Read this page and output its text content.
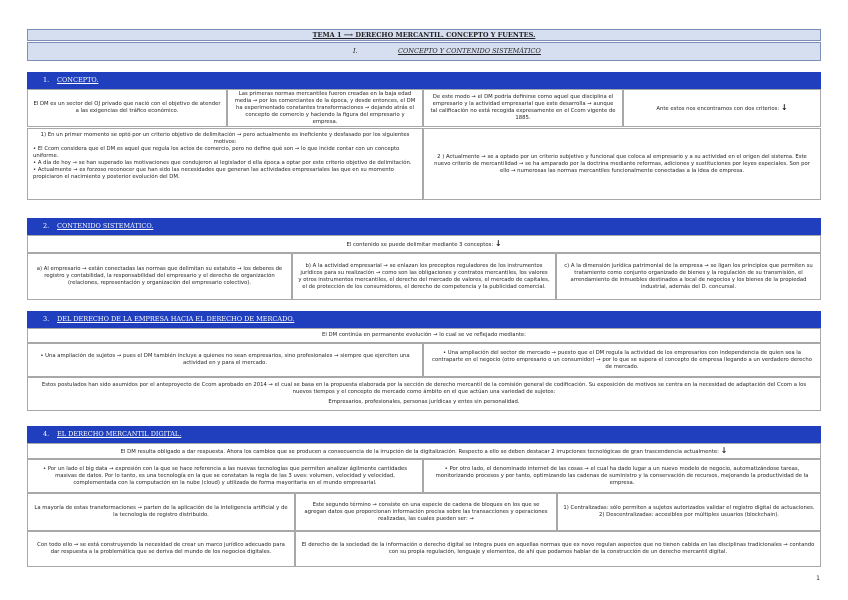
TEMA 1 ⟶ DERECHO MERCANTIL. CONCEPTO Y FUENTES.
I.	CONCEPTO Y CONTENIDO SISTEMÁTICO
1. CONCEPTO.

El DM es un sector del OJ privado que nació con el objetivo de atender a las exigencias del tráfico económico.

Las primeras normas mercantiles fueron creadas en la baja edad media → por los comerciantes de la época, y desde entonces, el DM ha experimentado constantes transformaciones → dejando atrás el concepto de comercio y haciendo la figura del empresario y empresa.

De este modo → el DM podría definirse como aquel que disciplina el empresario y la actividad empresarial que este desarrolla → aunque tal calificación no está recogida expresamente en el Ccom vigente de 1885.

Ante estos nos encontramos con dos criterios: ↓

1) En un primer momento se optó por un criterio objetivo de delimitación → pero actualmente es ineficiente y desfasado por los siguientes motivos:

• El Ccom considera que el DM es aquel que regula los actos de comercio, pero no define qué son → lo que incide contar con un concepto uniforme.

• A día de hoy → se han superado las motivaciones que condujeron al legislador d ella época a optar por este criterio objetivo de delimitación.

• Actualmente → es forzoso reconocer que han sido las necesidades que generan las actividades empresariales las que en su momento propiciaron el nacimiento y posterior evolución del DM.

2 ) Actualmente → se a optado por un criterio subjetivo y funcional que coloca al empresario y a su actividad en el origen del sistema. Este nuevo criterio de mercantilidad → se ha amparado por la doctrina mediante reformas, adiciones y sustituciones por leyes especiales. Son por ello → numerosas las normas mercantiles funcionalmente conectadas a la idea de empresa.

2. CONTENIDO SISTEMÁTICO.

El contenido se puede delimitar mediante 3 conceptos: ↓

a) Al empresario → están conectadas las normas que delimitan su estatuto → los deberes de registro y contabilidad, la responsabilidad del empresario y el derecho de organización (relaciones, representación y organización del empresario colectivo).

b) A la actividad empresarial → se enlazan los preceptos reguladores de los instrumentos jurídicos para su realización → como son las obligaciones y contratos mercantiles, los valores y otros instrumentos mercantiles, el derecho del mercado de valores, el mercado de capitales, el de protección de los consumidores, el derecho de competencia y la publicidad comercial.

c) A la dimensión jurídica patrimonial de la empresa → se ligan los principios que permiten su tratamiento como conjunto organizado de bienes y la regulación de su transmisión, el arrendamiento de inmuebles destinados a local de negocios y los bienes de la propiedad industrial, además del D. concursal.

3. DEL DERECHO DE LA EMPRESA HACIA EL DERECHO DE MERCADO.

El DM continúa en permanente evolución → lo cual se ve reflejado mediante:

• Una ampliación de sujetos → pues el DM también incluye a quienes no sean empresarios, sino profesionales → siempre que ejerciten una actividad en y para el mercado.

• Una ampliación del sector de mercado → puesto que el DM regula la actividad de los empresarios con independencia de quien sea la contraparte en el negocio (otro empresario o un consumidor) → por lo que se supera el concepto de empresa llegando a un verdadero derecho de mercado.

Estos postulados han sido asumidos por el anteproyecto de Ccom aprobado en 2014 → el cual se basa en la propuesta elaborada por la sección de derecho mercantil de la comisión general de codificación. Su exposición de motivos se centra en la necesidad de adaptación del Ccom a los nuevos tiempos y el concepto de mercado como ámbito en el que actúan una variedad de sujetos:

Empresarios, profesionales, personas jurídicas y entes sin personalidad.

4. EL DERECHO MERCANTIL DIGITAL.

El DM resulta obligado a dar respuesta. Ahora los cambios que se producen a consecuencia de la irrupción de la digitalización. Respecto a ello se deben destacar 2 irrupciones tecnológicas de gran trascendencia actualmente: ↓

• Por un lado el big data → expresión con la que se hace referencia a las nuevas tecnologías que permiten analizar ágilmente cantidades masivas de datos. Por lo tanto, es una tecnología en la que se constatan la regla de las 3 uves: volumen, velocidad y velocidad, complementada con la computación en la nube (cloud) y utilizada de forma mayoritaria en el mundo empresarial.

• Por otro lado, el denominado internet de las cosas → el cual ha dado lugar a un nuevo modelo de negocio, automatizándose tareas, monitorizando procesos y por tanto, optimizando las cadenas de suministro y la conservación de recursos, mejorando la productividad de la empresa.

La mayoría de estas transformaciones → parten de la aplicación de la inteligencia artificial y de la tecnología de registro distribuido.

Este segundo término → consiste en una especie de cadena de bloques en los que se agregan datos que proporcionan información precisa sobre las transacciones y operaciones realizadas, las cuales pueden ser: →

1) Centralizadas: sólo permiten a sujetos autorizados validar el registro digital de actuaciones.

2) Descentralizadas: accesibles por múltiples usuarios (blockchain).

Con todo ello → se está construyendo la necesidad de crear un marco jurídico adecuado para dar respuesta a la problemática que se deriva del mundo de los negocios digitales.

El derecho de la sociedad de la información o derecho digital se integra pues en aquellas normas que ex novo regulan aspectos que no tienen cabida en las disciplinas tradicionales → contando con su propia regulación, lenguaje y elementos, de ahí que podamos hablar de la construcción de un derecho mercantil digital.

1
